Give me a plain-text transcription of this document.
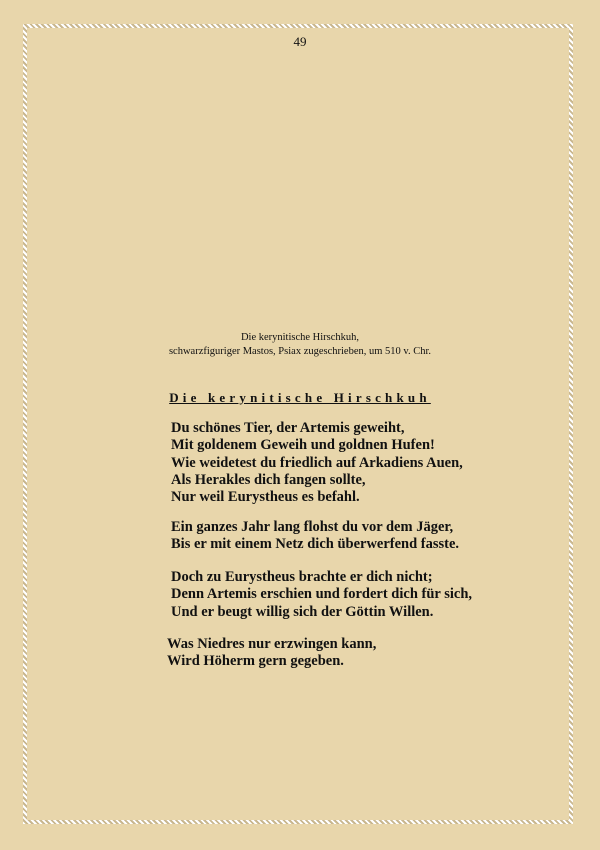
49
Die kerynitische Hirschkuh,
schwarzfiguriger Mastos, Psiax zugeschrieben, um 510 v. Chr.
Die kerynitische Hirschkuh
Du schönes Tier, der Artemis geweiht,
Mit goldenem Geweih und goldnen Hufen!
Wie weidetest du friedlich auf Arkadiens Auen,
Als Herakles dich fangen sollte,
Nur weil Eurystheus es befahl.
Ein ganzes Jahr lang flohst du vor dem Jäger,
Bis er mit einem Netz dich überwerfend fasste.
Doch zu Eurystheus brachte er dich nicht;
Denn Artemis erschien und fordert dich für sich,
Und er beugt willig sich der Göttin Willen.
Was Niedres nur erzwingen kann,
Wird Höherm gern gegeben.
